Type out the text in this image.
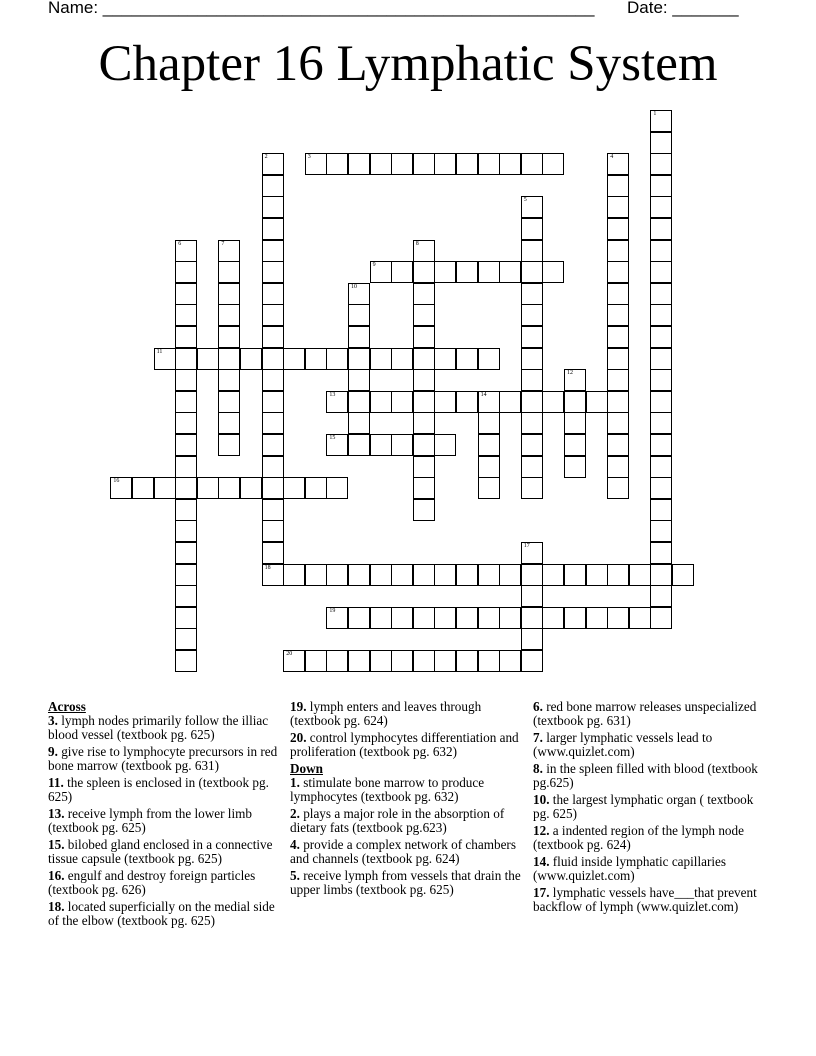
Name: ____________________________________________________ Date: _______
Chapter 16 Lymphatic System
1
2
18
3	4
5
6	7	8
9
10
11
12
13	14
15
16
17
19
20

Across

3. lymph nodes primarily follow the illiac blood vessel (textbook pg. 625)

9. give rise to lymphocyte precursors in red bone marrow (textbook pg. 631)

11. the spleen is enclosed in (textbook pg. 625)

13. receive lymph from the lower limb (textbook pg. 625)

15. bilobed gland enclosed in a connective tissue capsule (textbook pg. 625)

16. engulf and destroy foreign particles (textbook pg. 626)

18. located superficially on the medial side of the elbow (textbook pg. 625)

19. lymph enters and leaves through (textbook pg. 624)

20. control lymphocytes differentiation and proliferation (textbook pg. 632)

Down

1. stimulate bone marrow to produce lymphocytes (textbook pg. 632)

2. plays a major role in the absorption of dietary fats (textbook pg.623)

4. provide a complex network of chambers and channels (textbook pg. 624)

5. receive lymph from vessels that drain the upper limbs (textbook pg. 625)

6. red bone marrow releases unspecialized (textbook pg. 631)

7. larger lymphatic vessels lead to (www.quizlet.com)

8. in the spleen filled with blood (textbook pg.625)

10. the largest lymphatic organ ( textbook pg. 625)

12. a indented region of the lymph node (textbook pg. 624)

14. fluid inside lymphatic capillaries (www.quizlet.com)

17. lymphatic vessels have___that prevent backflow of lymph (www.quizlet.com)
